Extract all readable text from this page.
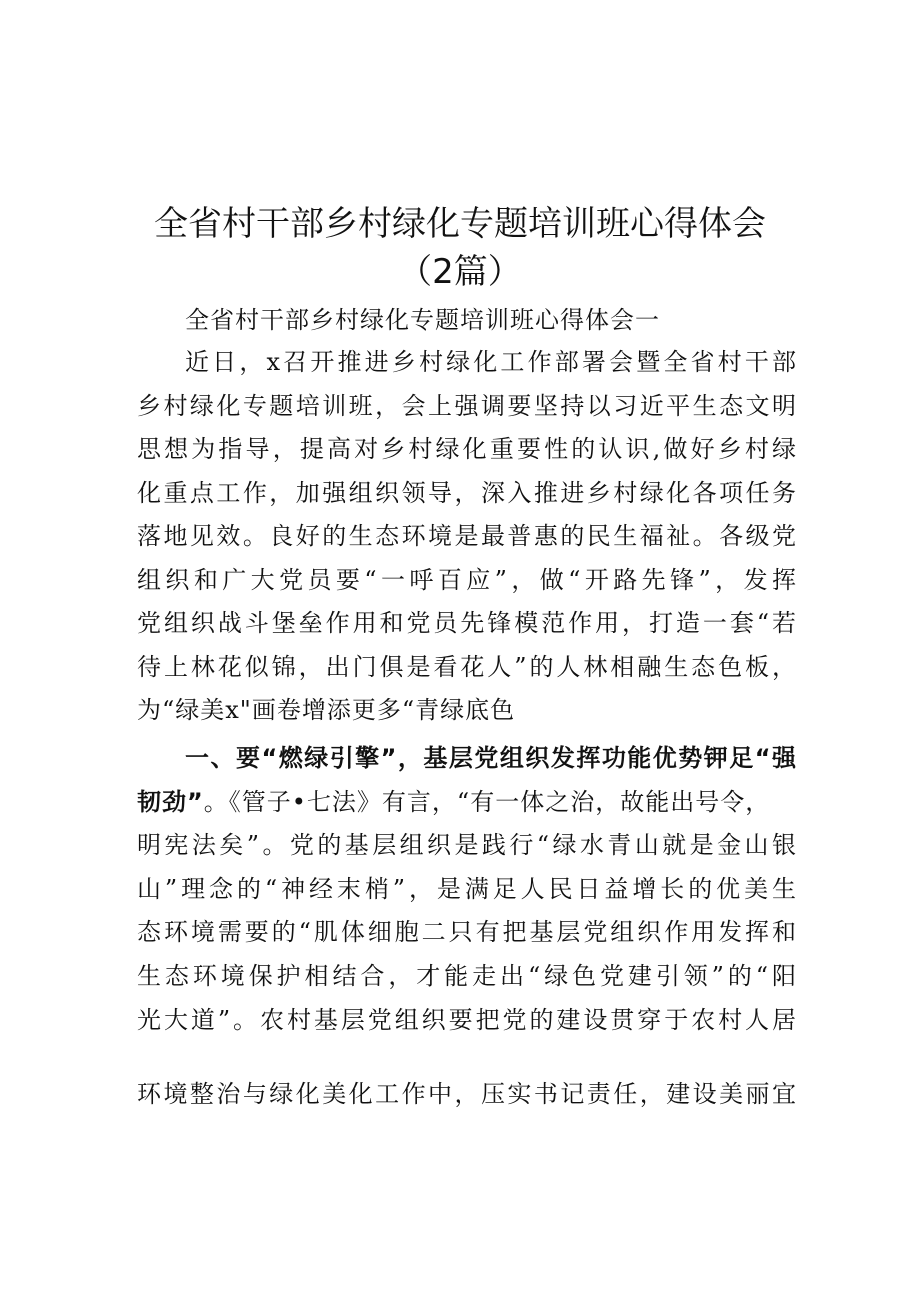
全省村干部乡村绿化专题培训班心得体会
（2篇）
全省村干部乡村绿化专题培训班心得体会一
近日，x召开推进乡村绿化工作部署会暨全省村干部
乡村绿化专题培训班，会上强调要坚持以习近平生态文明
思想为指导，提高对乡村绿化重要性的认识,做好乡村绿
化重点工作，加强组织领导，深入推进乡村绿化各项任务
落地见效。良好的生态环境是最普惠的民生福祉。各级党
组织和广大党员要“一呼百应”，做“开路先锋”，发挥
党组织战斗堡垒作用和党员先锋模范作用，打造一套“若
待上林花似锦，出门俱是看花人”的人林相融生态色板，
为“绿美x"画卷增添更多“青绿底色
一、要“燃绿引擎”，基层党组织发挥功能优势钾足“强
韧劲”。《管子•七法》有言，“有一体之治，故能出号令，
明宪法矣”。党的基层组织是践行“绿水青山就是金山银
山”理念的“神经末梢”，是满足人民日益增长的优美生
态环境需要的“肌体细胞二只有把基层党组织作用发挥和
生态环境保护相结合，才能走出“绿色党建引领”的“阳
光大道”。农村基层党组织要把党的建设贯穿于农村人居
环境整治与绿化美化工作中，压实书记责任，建设美丽宜
